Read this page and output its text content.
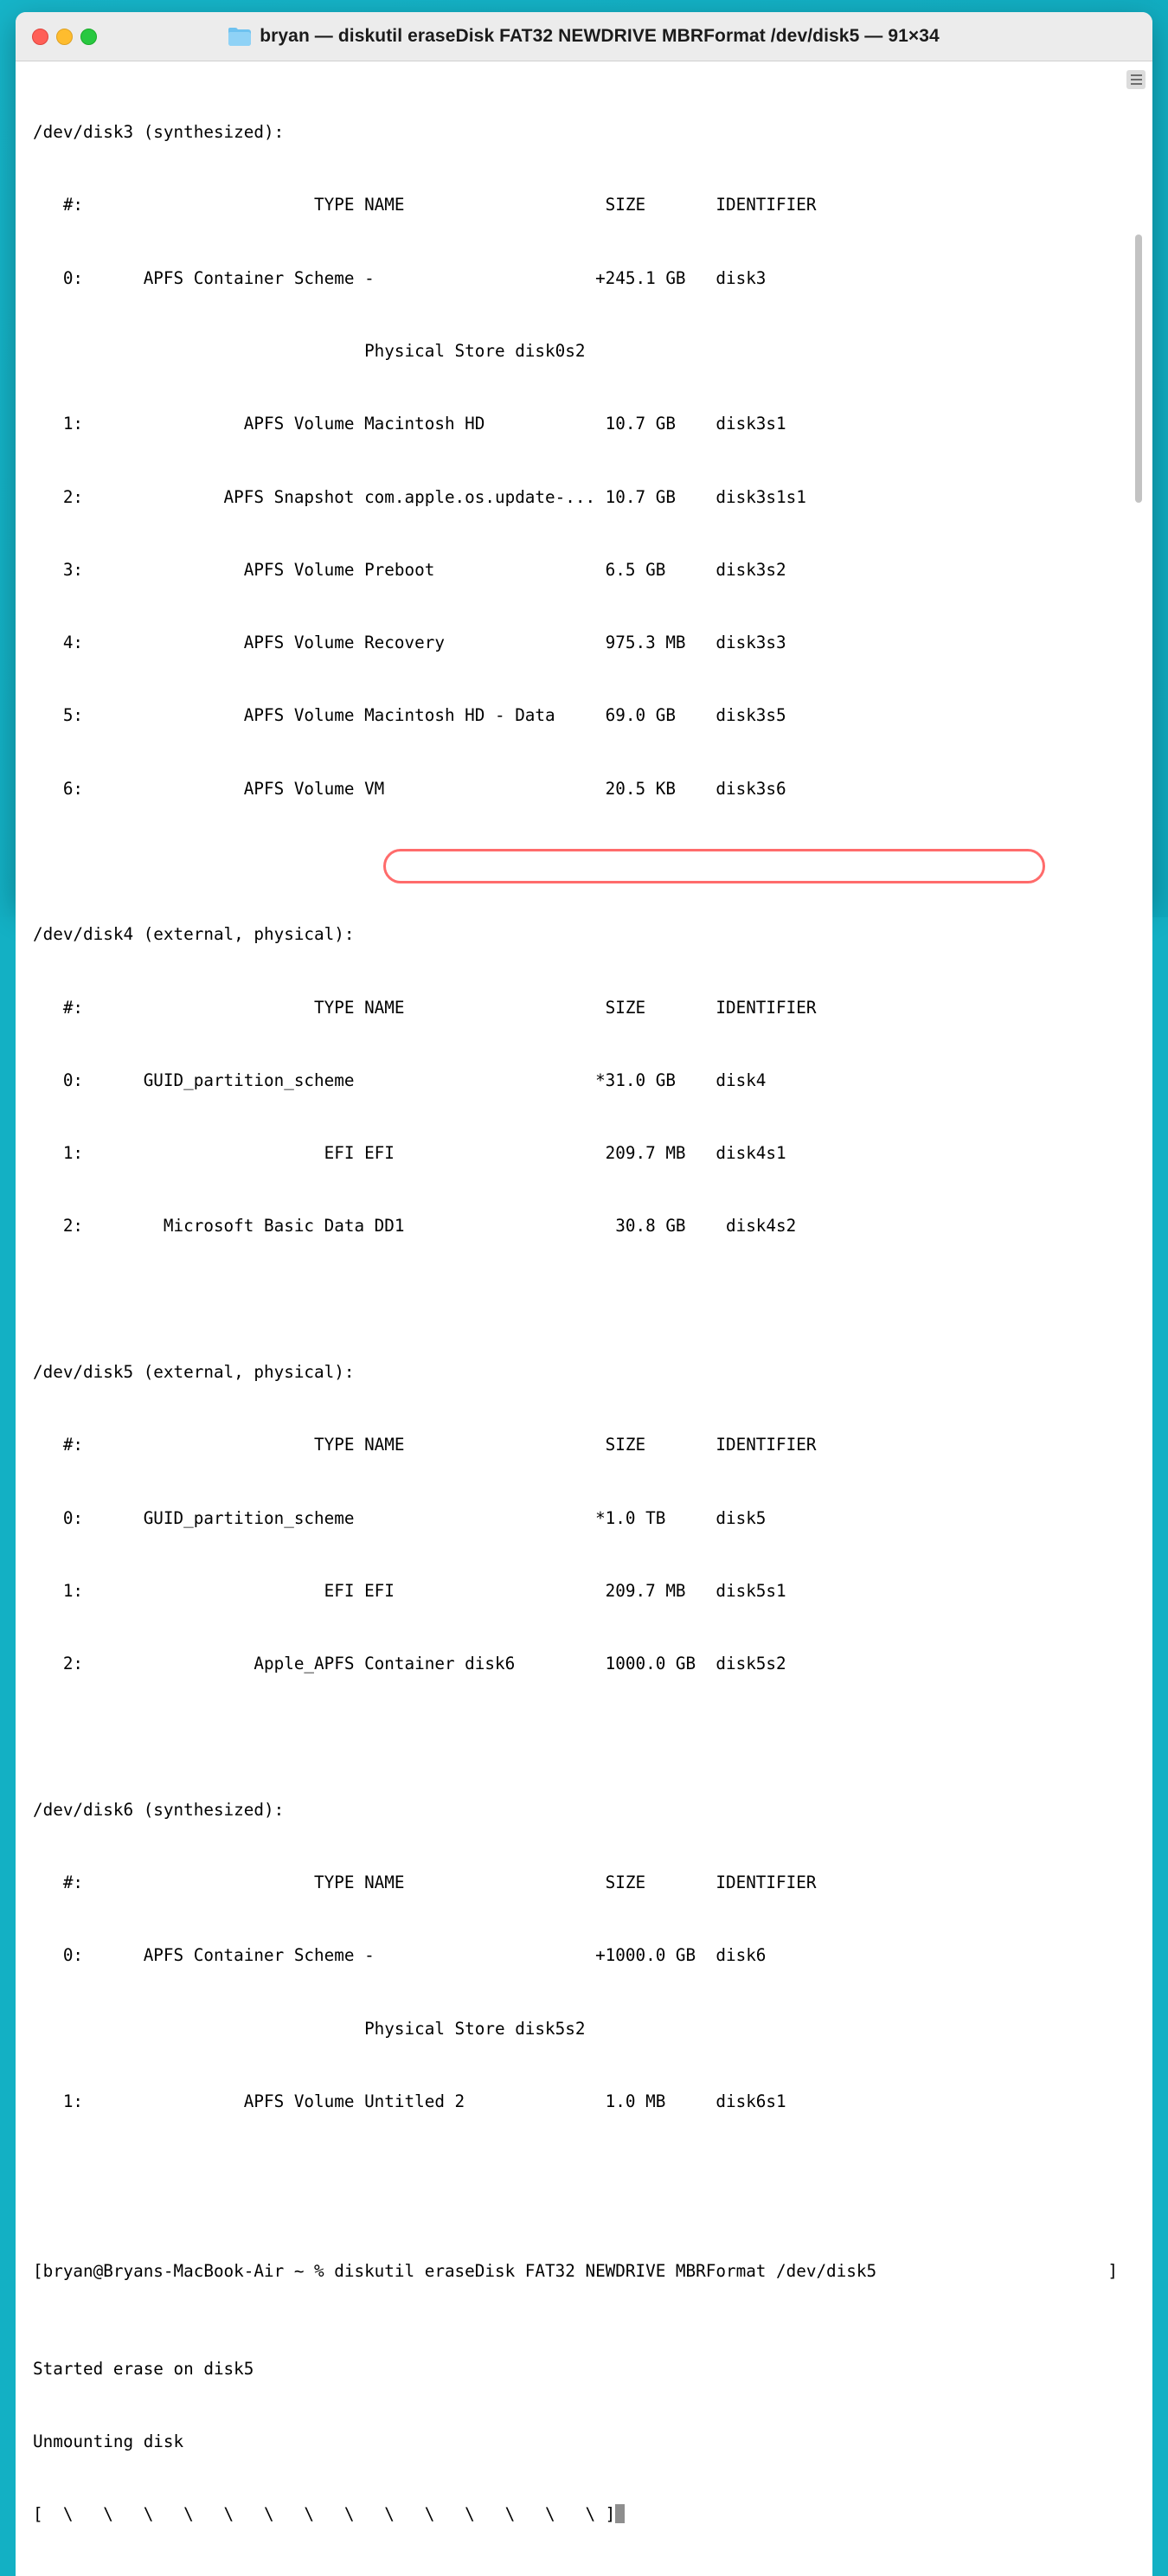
bryan — diskutil eraseDisk FAT32 NEWDRIVE MBRFormat /dev/disk5 — 91×34

/dev/disk3 (synthesized):

#:                       TYPE NAME                    SIZE       IDENTIFIER

0:      APFS Container Scheme -                      +245.1 GB   disk3

Physical Store disk0s2

1:                APFS Volume Macintosh HD            10.7 GB    disk3s1

2:              APFS Snapshot com.apple.os.update-... 10.7 GB    disk3s1s1

3:                APFS Volume Preboot                 6.5 GB     disk3s2

4:                APFS Volume Recovery                975.3 MB   disk3s3

5:                APFS Volume Macintosh HD - Data     69.0 GB    disk3s5

6:                APFS Volume VM                      20.5 KB    disk3s6

/dev/disk4 (external, physical):

#:                       TYPE NAME                    SIZE       IDENTIFIER

0:      GUID_partition_scheme                        *31.0 GB    disk4

1:                        EFI EFI                     209.7 MB   disk4s1

2:        Microsoft Basic Data DD1                     30.8 GB    disk4s2

/dev/disk5 (external, physical):

#:                       TYPE NAME                    SIZE       IDENTIFIER

0:      GUID_partition_scheme                        *1.0 TB     disk5

1:                        EFI EFI                     209.7 MB   disk5s1

2:                 Apple_APFS Container disk6         1000.0 GB  disk5s2

/dev/disk6 (synthesized):

#:                       TYPE NAME                    SIZE       IDENTIFIER

0:      APFS Container Scheme -                      +1000.0 GB  disk6

Physical Store disk5s2

1:                APFS Volume Untitled 2              1.0 MB     disk6s1

[bryan@Bryans-MacBook-Air ~ % diskutil eraseDisk FAT32 NEWDRIVE MBRFormat /dev/disk5	]

Started erase on disk5

Unmounting disk

[  \   \   \   \   \   \   \   \   \   \   \   \   \   \ ]
